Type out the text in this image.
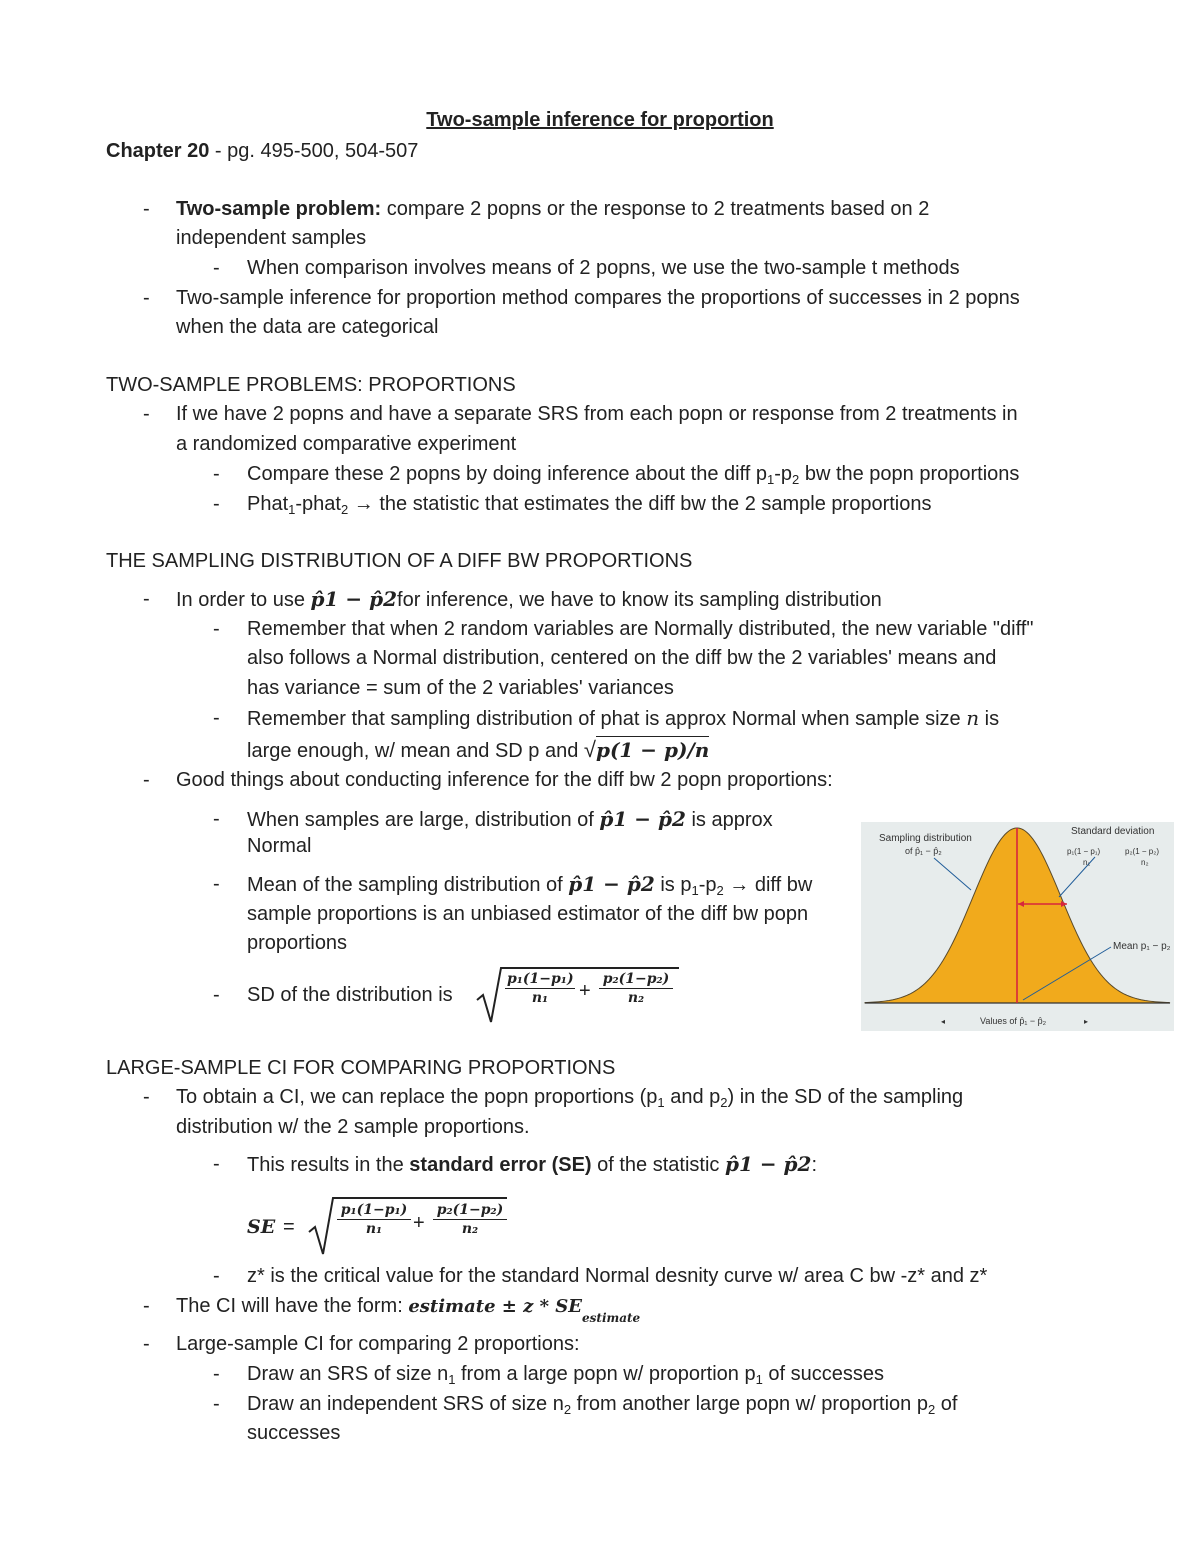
Two-sample inference for proportion
Chapter 20 - pg. 495-500, 504-507
- Two-sample problem: compare 2 popns or the response to 2 treatments based on 2
independent samples
- When comparison involves means of 2 popns, we use the two-sample t methods
- Two-sample inference for proportion method compares the proportions of successes in 2 popns
when the data are categorical
TWO-SAMPLE PROBLEMS: PROPORTIONS
- If we have 2 popns and have a separate SRS from each popn or response from 2 treatments in
a randomized comparative experiment
- Compare these 2 popns by doing inference about the diff $p_1-p_2$ bw the popn proportions
- Phat$_1$-phat$_2$ → the statistic that estimates the diff bw the 2 sample proportions
THE SAMPLING DISTRIBUTION OF A DIFF BW PROPORTIONS
- In order to use p̂1 − p̂2for inference, we have to know its sampling distribution
- Remember that when 2 random variables are Normally distributed, the new variable "diff"
also follows a Normal distribution, centered on the diff bw the 2 variables' means and
has variance = sum of the 2 variables' variances
- Remember that sampling distribution of phat is approx Normal when sample size n is
large enough, w/ mean and SD p and √p(1 − p)/n
- Good things about conducting inference for the diff bw 2 popn proportions:
- When samples are large, distribution of p̂1 − p̂2 is approx
Normal
- Mean of the sampling distribution of p̂1 − p̂2 is $p_1-p_2$ → diff bw
sample proportions is an unbiased estimator of the diff bw popn
proportions
- SD of the distribution is	$\frac{\text{p₁(1−p₁)}}{\text{n₁}} + \frac{\text{p₂(1−p₂)}}{\text{n₂}}$
Sampling distribution
of p̂₁ − p̂₂
Standard deviation
p₁(1 − p₁)	p₂(1 − p₂)
n₁	n₂
Mean p₁ − p₂
Values of p̂₁ − p̂₂
◂	▸
LARGE-SAMPLE CI FOR COMPARING PROPORTIONS
- To obtain a CI, we can replace the popn proportions ($p_1$ and $p_2$) in the SD of the sampling
distribution w/ the 2 sample proportions.
- This results in the standard error (SE) of the statistic p̂1 − p̂2:
SE =	$\frac{\text{p₁(1−p₁)}}{\text{n₁}} + \frac{\text{p₂(1−p₂)}}{\text{n₂}}$
- z* is the critical value for the standard Normal desnity curve w/ area C bw -z* and z*
- The CI will have the form: estimate ± z * $SE_{estimate}$
- Large-sample CI for comparing 2 proportions:
- Draw an SRS of size $n_1$ from a large popn w/ proportion $p_1$ of successes
- Draw an independent SRS of size $n_2$ from another large popn w/ proportion $p_2$ of
successes
